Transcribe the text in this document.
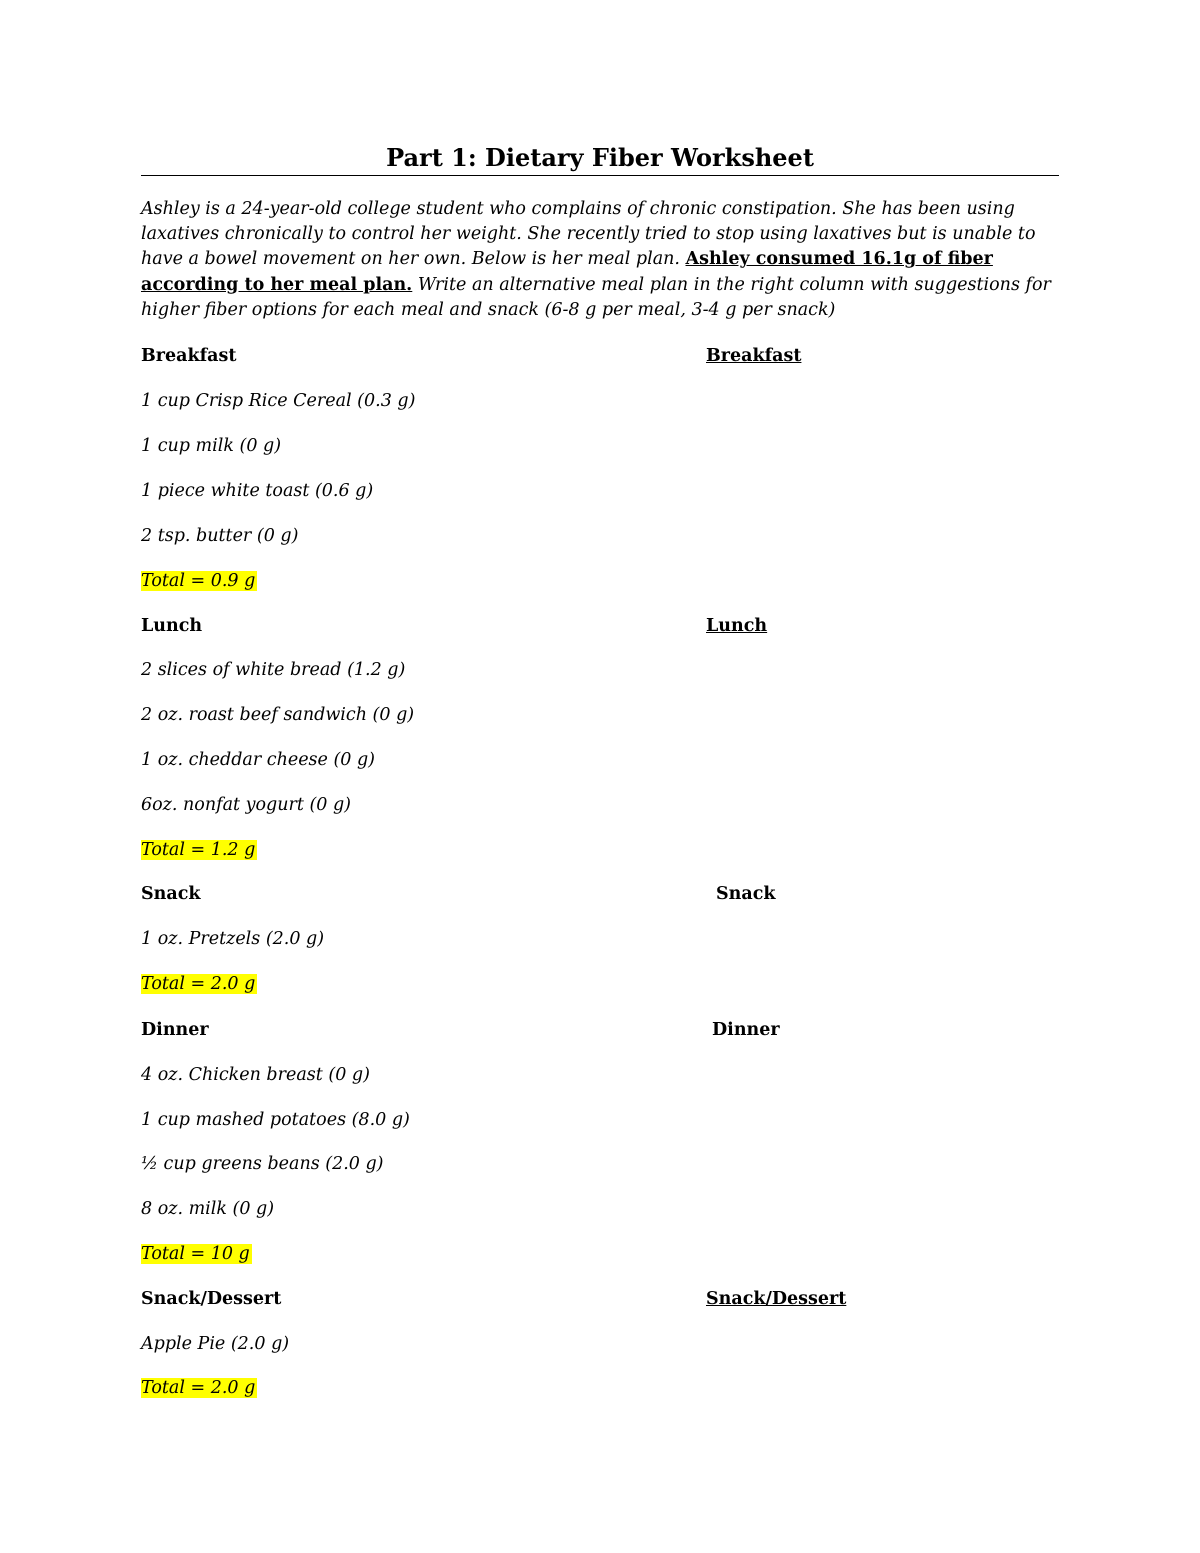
Part 1: Dietary Fiber Worksheet
Ashley is a 24-year-old college student who complains of chronic constipation. She has been using laxatives chronically to control her weight. She recently tried to stop using laxatives but is unable to have a bowel movement on her own. Below is her meal plan. Ashley consumed 16.1g of fiber according to her meal plan. Write an alternative meal plan in the right column with suggestions for higher fiber options for each meal and snack (6-8 g per meal, 3-4 g per snack)
Breakfast	Breakfast
1 cup Crisp Rice Cereal (0.3 g)
1 cup milk (0 g)
1 piece white toast (0.6 g)
2 tsp. butter (0 g)
Total = 0.9 g
Lunch	Lunch
2 slices of white bread (1.2 g)
2 oz. roast beef sandwich (0 g)
1 oz. cheddar cheese (0 g)
6oz. nonfat yogurt (0 g)
Total = 1.2 g
Snack	Snack
1 oz. Pretzels (2.0 g)
Total = 2.0 g
Dinner	Dinner
4 oz. Chicken breast (0 g)
1 cup mashed potatoes (8.0 g)
½ cup greens beans (2.0 g)
8 oz. milk (0 g)
Total = 10 g
Snack/Dessert	Snack/Dessert
Apple Pie (2.0 g)
Total = 2.0 g
